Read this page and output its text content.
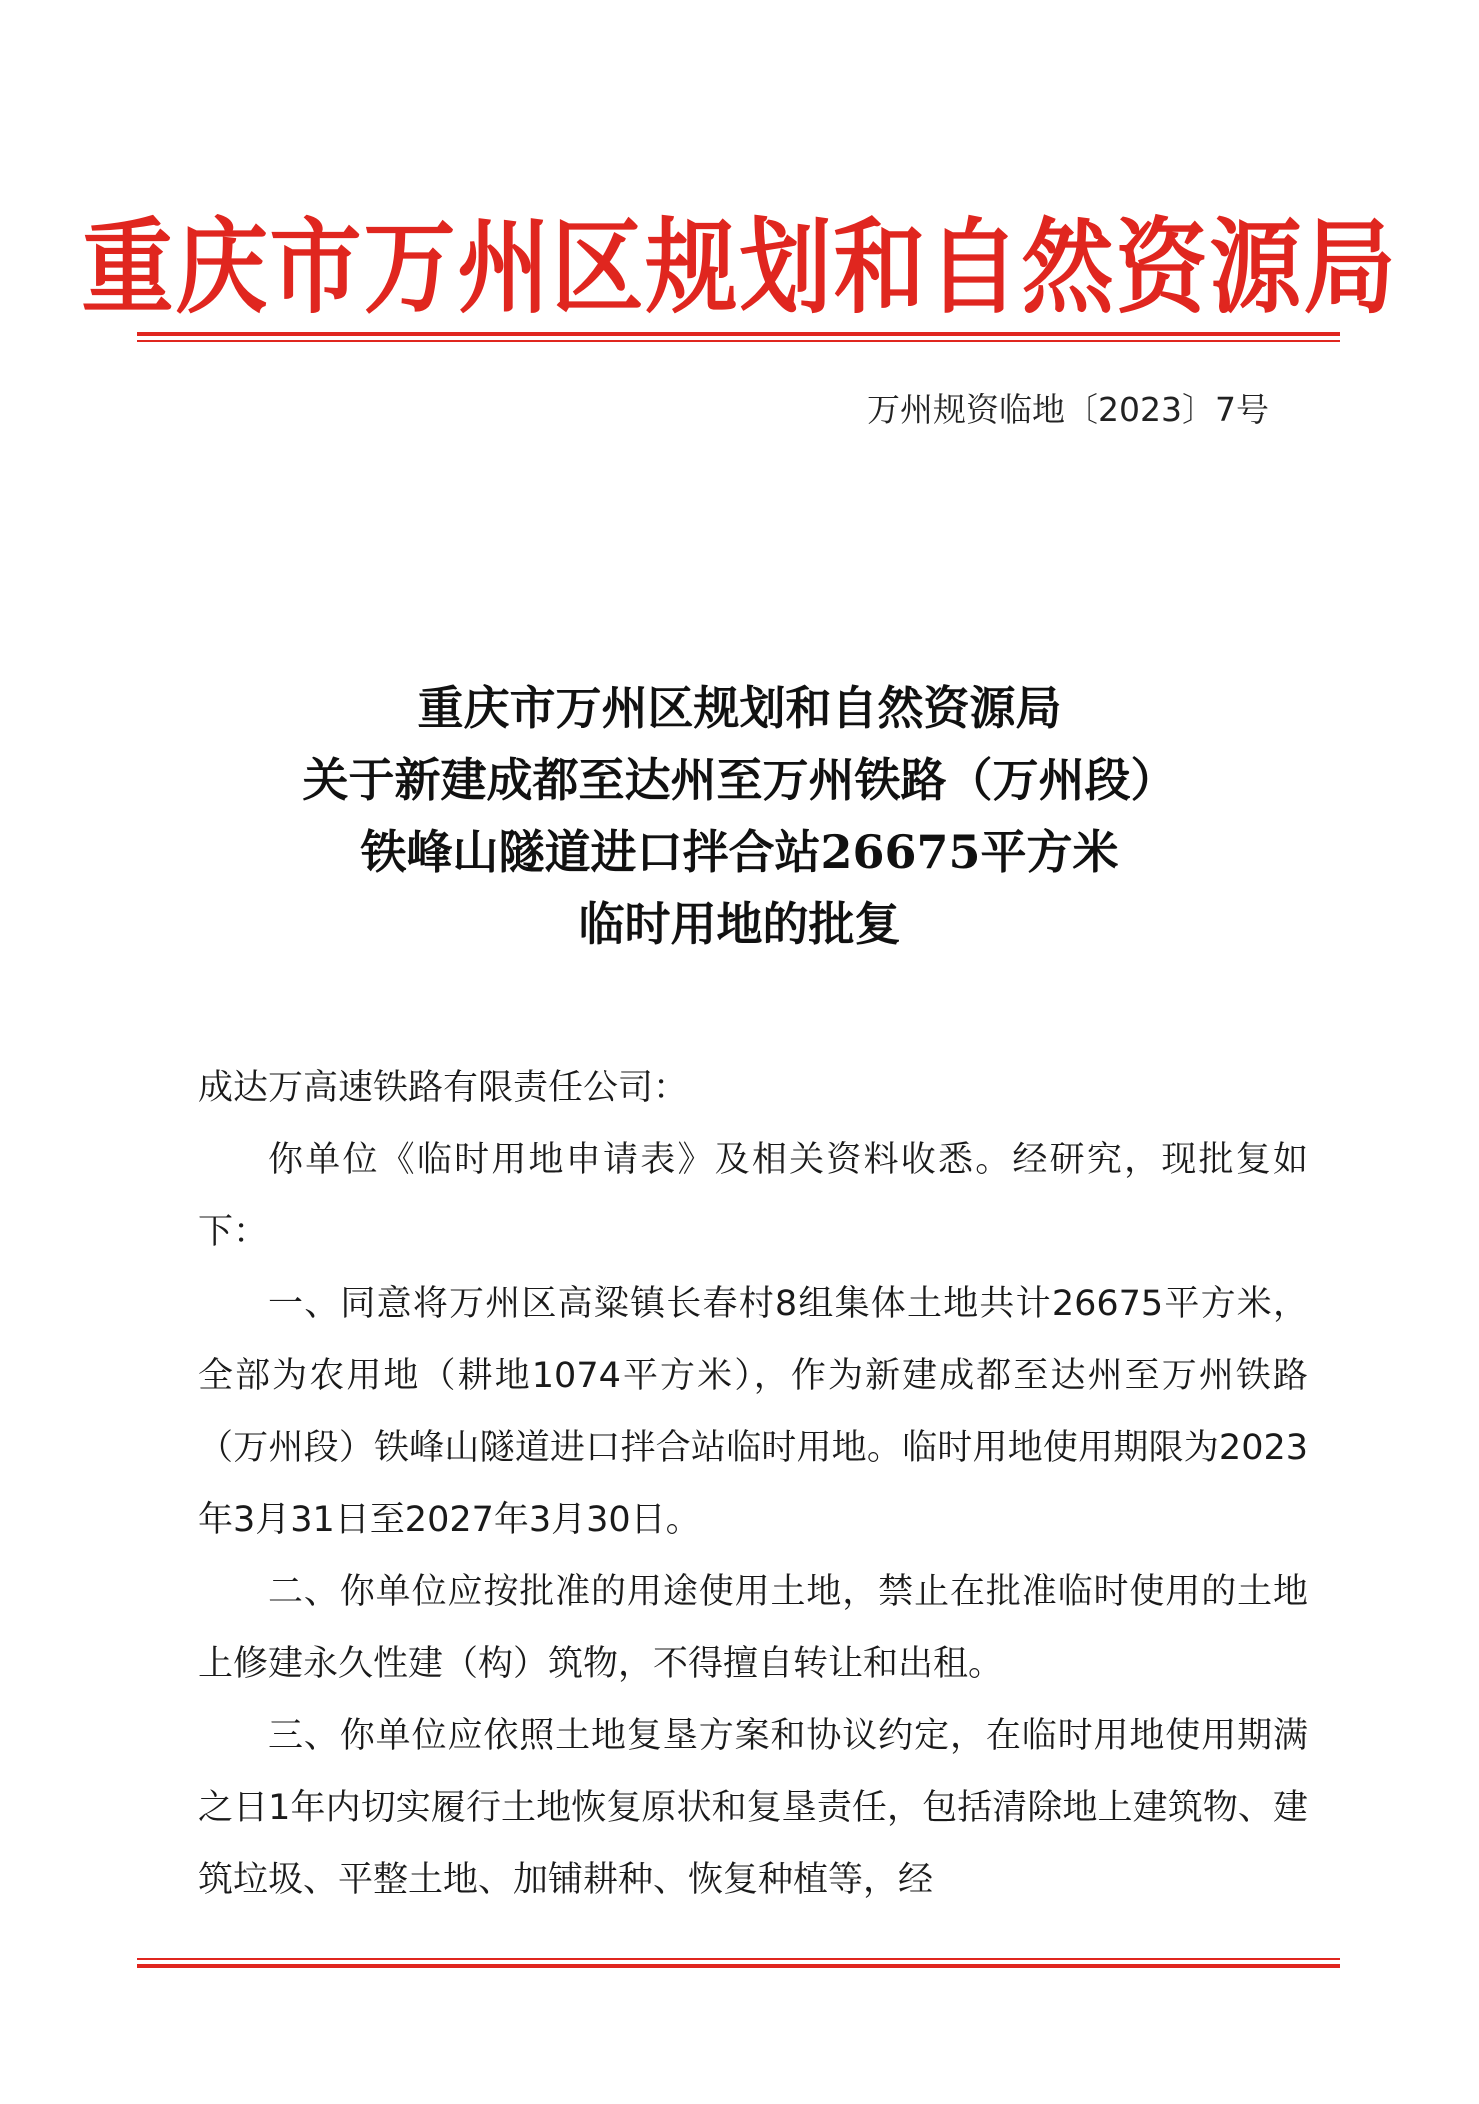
重庆市万州区规划和自然资源局
万州规资临地〔2023〕7号
重庆市万州区规划和自然资源局
关于新建成都至达州至万州铁路（万州段）
铁峰山隧道进口拌合站26675平方米
临时用地的批复

成达万高速铁路有限责任公司：

你单位《临时用地申请表》及相关资料收悉。经研究，现批复如下：

一、同意将万州区高粱镇长春村8组集体土地共计26675平方米，全部为农用地（耕地1074平方米），作为新建成都至达州至万州铁路（万州段）铁峰山隧道进口拌合站临时用地。临时用地使用期限为2023年3月31日至2027年3月30日。

二、你单位应按批准的用途使用土地，禁止在批准临时使用的土地上修建永久性建（构）筑物，不得擅自转让和出租。

三、你单位应依照土地复垦方案和协议约定，在临时用地使用期满之日1年内切实履行土地恢复原状和复垦责任，包括清除地上建筑物、建筑垃圾、平整土地、加铺耕种、恢复种植等，经
